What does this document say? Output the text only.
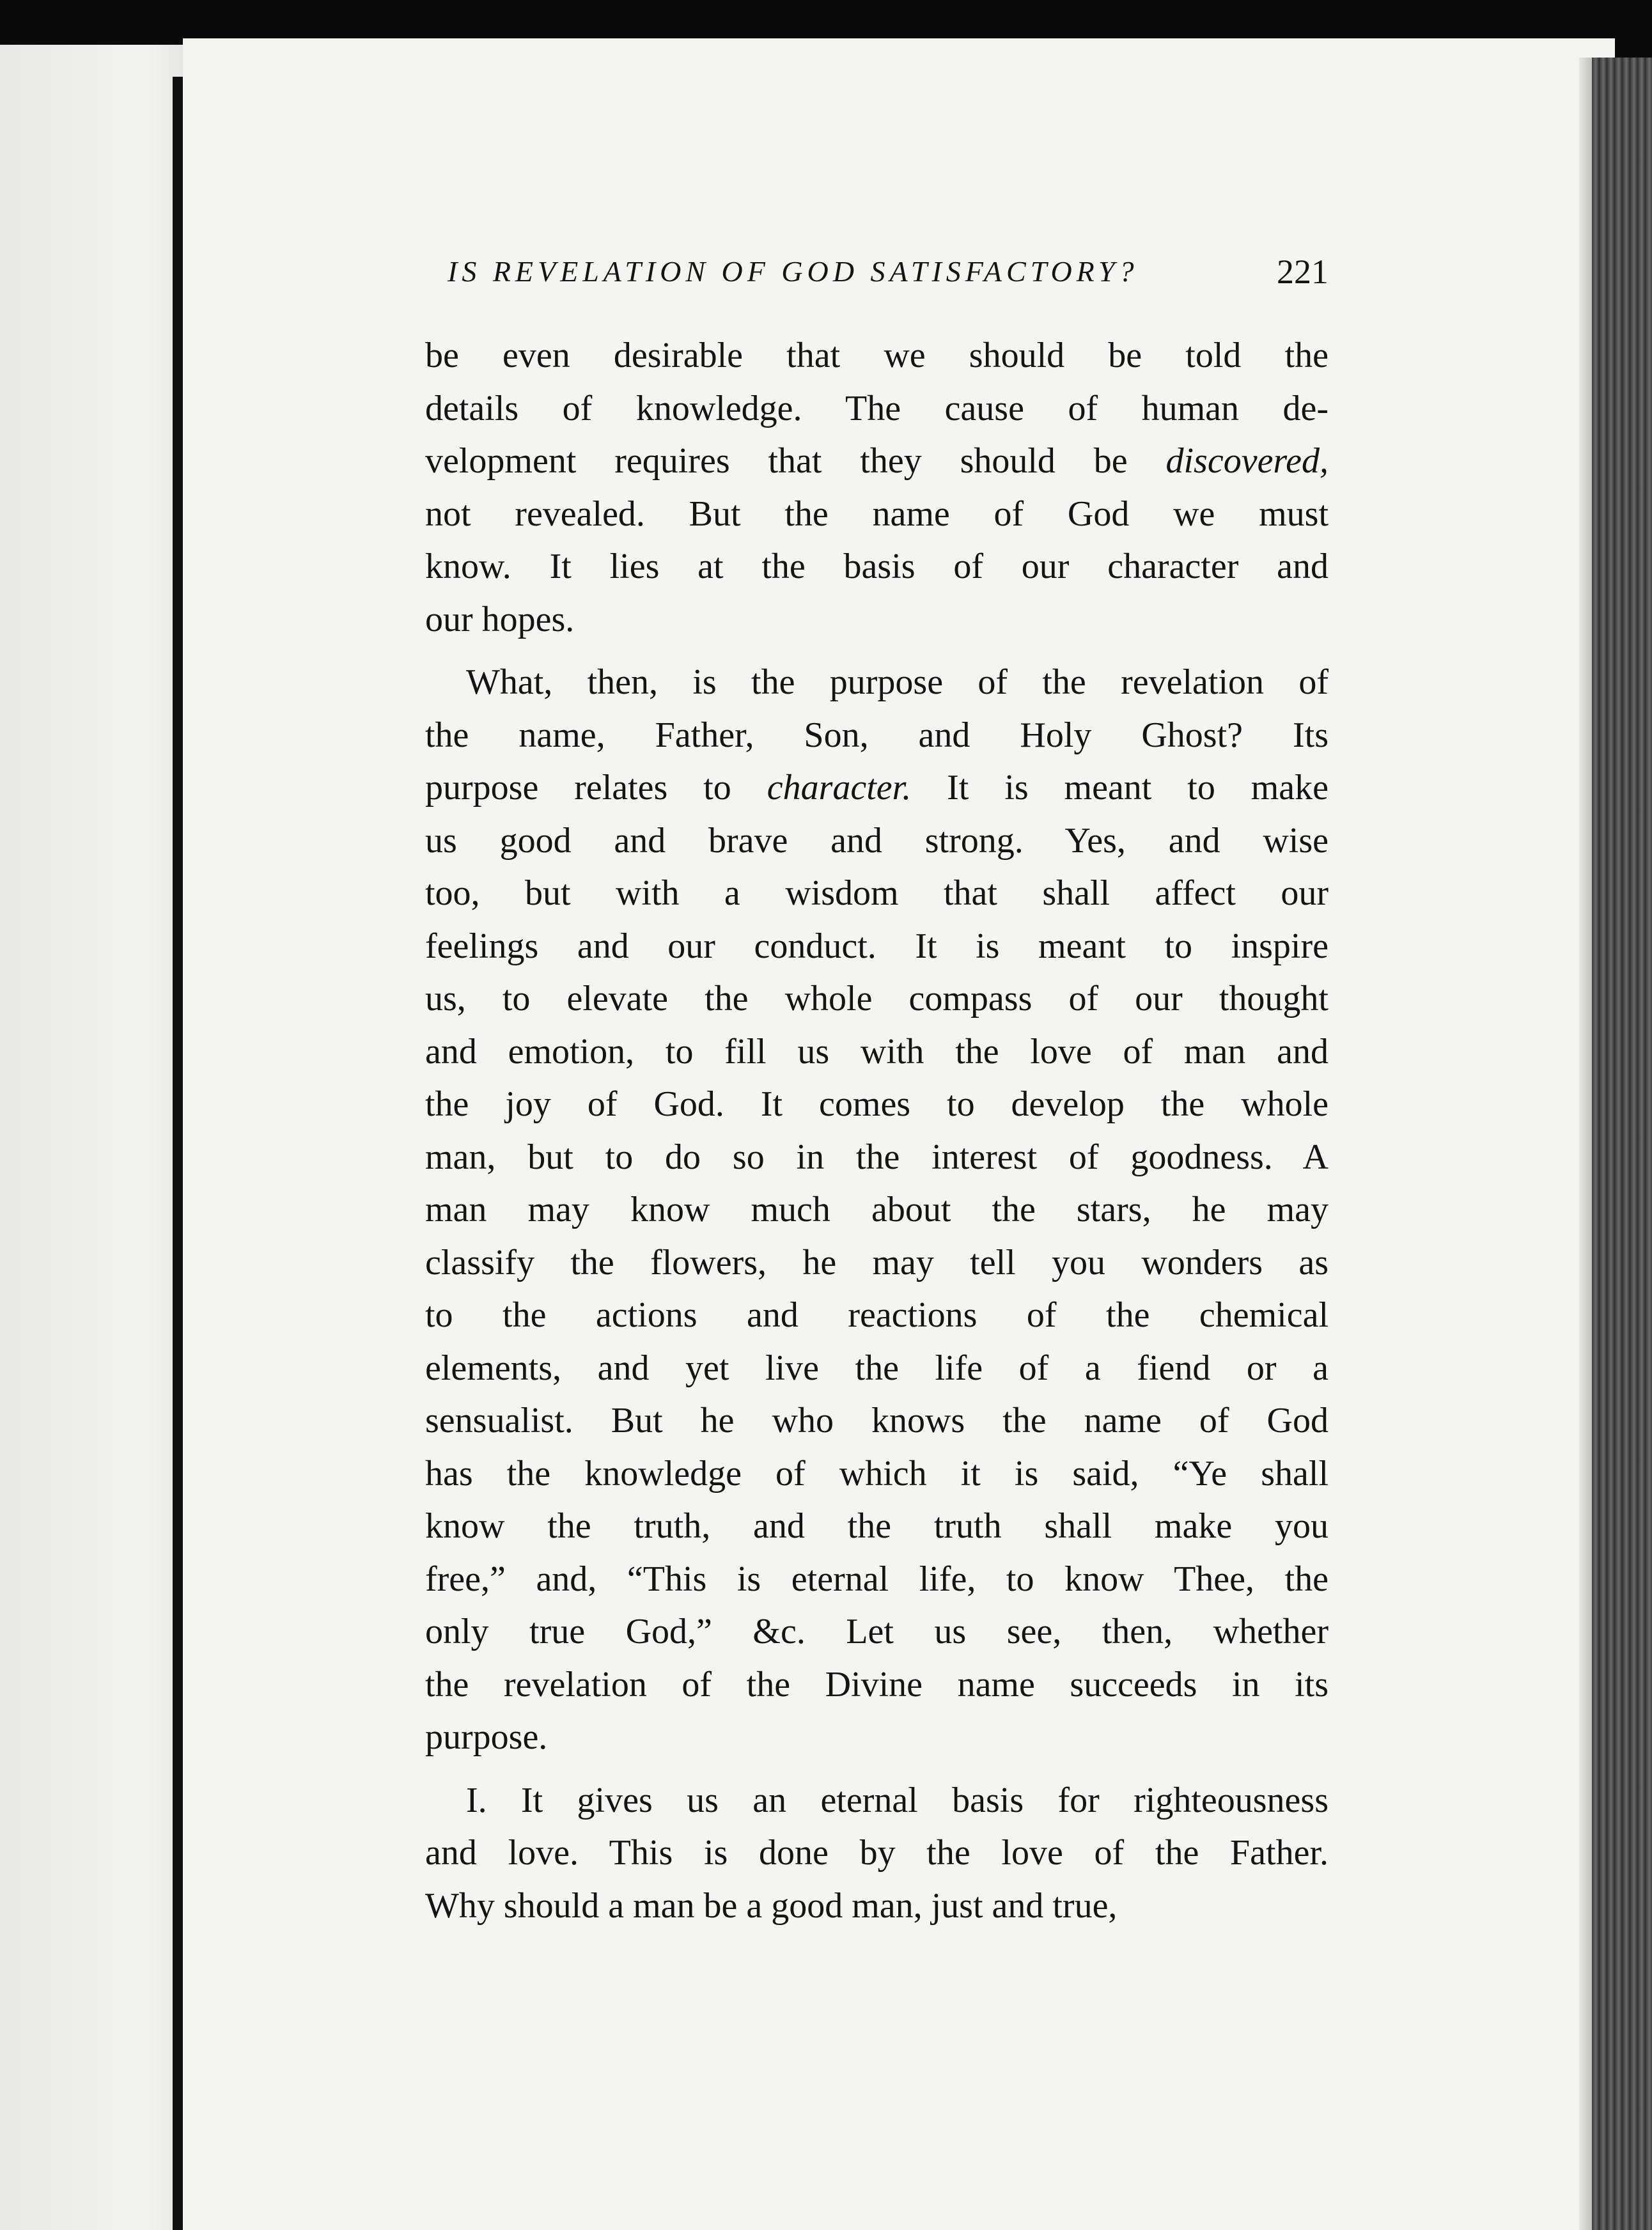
IS REVELATION OF GOD SATISFACTORY?	221
be even desirable that we should be told the
details of knowledge. The cause of human de-
velopment requires that they should be discovered,
not revealed. But the name of God we must
know. It lies at the basis of our character and
our hopes.
What, then, is the purpose of the revelation of
the name, Father, Son, and Holy Ghost? Its
purpose relates to character. It is meant to make
us good and brave and strong. Yes, and wise
too, but with a wisdom that shall affect our
feelings and our conduct. It is meant to inspire
us, to elevate the whole compass of our thought
and emotion, to fill us with the love of man and
the joy of God. It comes to develop the whole
man, but to do so in the interest of goodness. A
man may know much about the stars, he may
classify the flowers, he may tell you wonders as
to the actions and reactions of the chemical
elements, and yet live the life of a fiend or a
sensualist. But he who knows the name of God
has the knowledge of which it is said, “Ye shall
know the truth, and the truth shall make you
free,” and, “This is eternal life, to know Thee, the
only true God,” &c. Let us see, then, whether
the revelation of the Divine name succeeds in its
purpose.
I. It gives us an eternal basis for righteousness
and love. This is done by the love of the Father.
Why should a man be a good man, just and true,
